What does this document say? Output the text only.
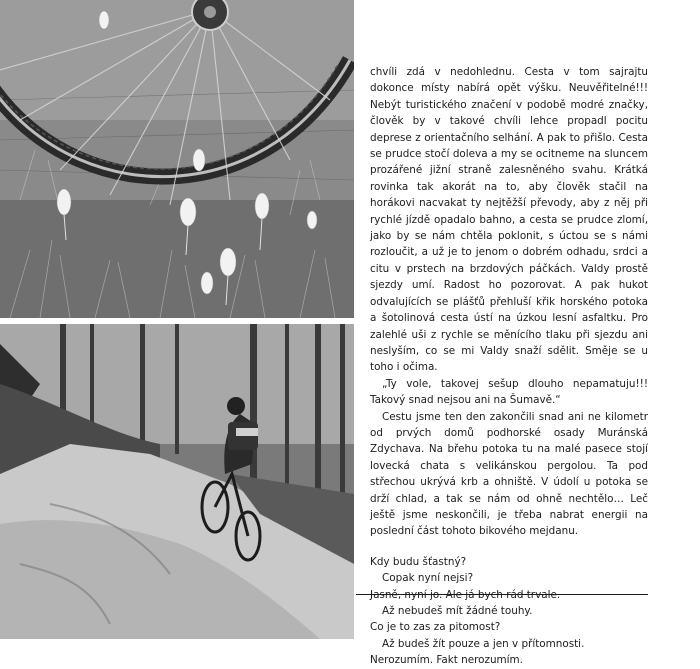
chvíli zdá v nedohlednu. Cesta v tom sajrajtu dokonce místy nabírá opět výšku. Neuvěřitelné!!! Nebýt turistického značení v podobě modré značky, člověk by v takové chvíli lehce propadl pocitu deprese z orientačního selhání. A pak to přišlo. Cesta se prudce stočí doleva a my se ocitneme na sluncem prozářené jižní straně zalesněného svahu. Krátká rovinka tak akorát na to, aby člověk stačil na horákovi nacvakat ty nejtěžší převody, aby z něj při rychlé jízdě opadalo bahno, a cesta se prudce zlomí, jako by se nám chtěla poklonit, s úctou se s námi rozloučit, a už je to jenom o dobrém odhadu, srdci a citu v prstech na brzdových páčkách. Valdy prostě sjezdy umí. Radost ho pozorovat. A pak hukot odvalujících se plášťů přehluší křik horského potoka a šotolinová cesta ústí na úzkou lesní asfaltku. Pro zalehlé uši z rychle se měnícího tlaku při sjezdu ani neslyším, co se mi Valdy snaží sdělit. Směje se u toho i očima.

„Ty vole, takovej sešup dlouho nepamatuju!!! Takový snad nejsou ani na Šumavě.“

Cestu jsme ten den zakončili snad ani ne kilometr od prvých domů podhorské osady Muránská Zdychava. Na břehu potoka tu na malé pasece stojí lovecká chata s velikánskou pergolou. Ta pod střechou ukrývá krb a ohniště. V údolí u potoka se drží chlad, a tak se nám od ohně nechtělo… Leč ještě jsme neskončili, je třeba nabrat energii na poslední část tohoto bikového mejdanu.

Kdy budu šťastný?
Copak nyní nejsi?
Jasně, nyní jo. Ale já bych rád trvale.
Až nebudeš mít žádné touhy.
Co je to zas za pitomost?
Až budeš žít pouze a jen v přítomnosti.
Nerozumím. Fakt nerozumím.
